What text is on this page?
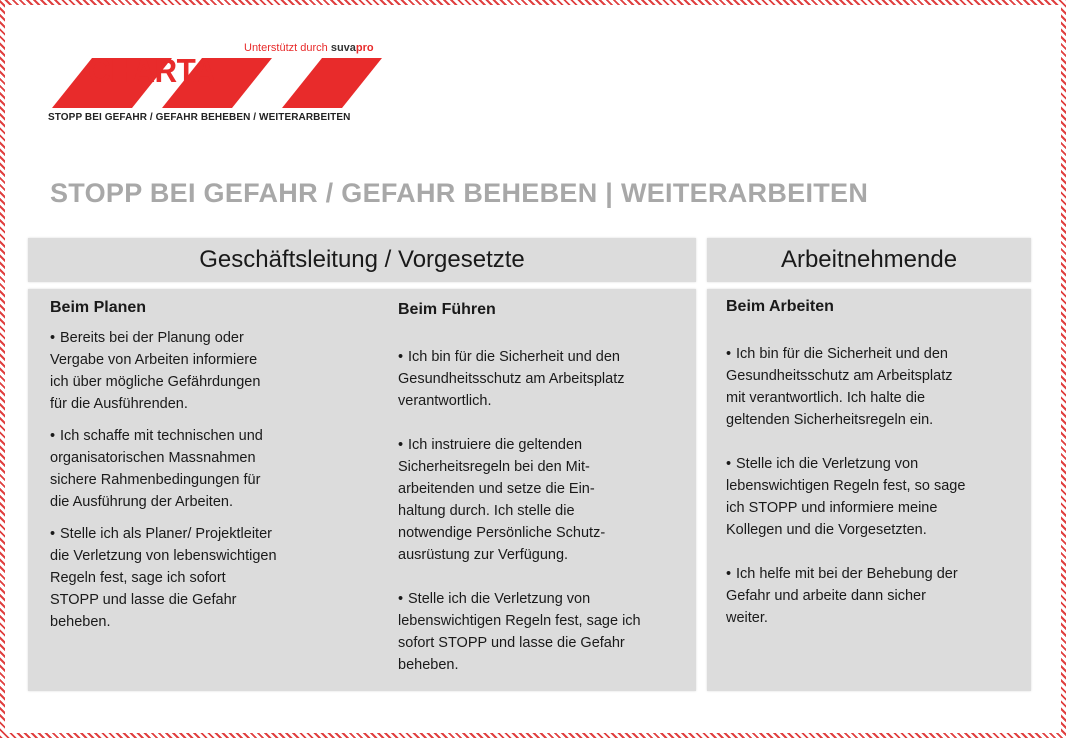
CHARTA
Unterstützt durch suvapro
STOPP BEI GEFAHR / GEFAHR BEHEBEN / WEITERARBEITEN
STOPP BEI GEFAHR / GEFAHR BEHEBEN | WEITERARBEITEN
Geschäftsleitung / Vorgesetzte	Arbeitnehmende
Beim Planen
• Bereits bei der Planung oder
Vergabe von Arbeiten informiere
ich über mögliche Gefährdungen
für die Ausführenden.
• Ich schaffe mit technischen und
organisatorischen Massnahmen
sichere Rahmenbedingungen für
die Ausführung der Arbeiten.
• Stelle ich als Planer/ Projektleiter
die Verletzung von lebenswichtigen
Regeln fest, sage ich sofort
STOPP und lasse die Gefahr
beheben.
Beim Führen
• Ich bin für die Sicherheit und den
Gesundheitsschutz am Arbeitsplatz
verantwortlich.
• Ich instruiere die geltenden
Sicherheitsregeln bei den Mit-
arbeitenden und setze die Ein-
haltung durch. Ich stelle die
notwendige Persönliche Schutz-
ausrüstung zur Verfügung.
• Stelle ich die Verletzung von
lebenswichtigen Regeln fest, sage ich
sofort STOPP und lasse die Gefahr
beheben.
Beim Arbeiten
• Ich bin für die Sicherheit und den
Gesundheitsschutz am Arbeitsplatz
mit verantwortlich. Ich halte die
geltenden Sicherheitsregeln ein.
• Stelle ich die Verletzung von
lebenswichtigen Regeln fest, so sage
ich STOPP und informiere meine
Kollegen und die Vorgesetzten.
• Ich helfe mit bei der Behebung der
Gefahr und arbeite dann sicher
weiter.
